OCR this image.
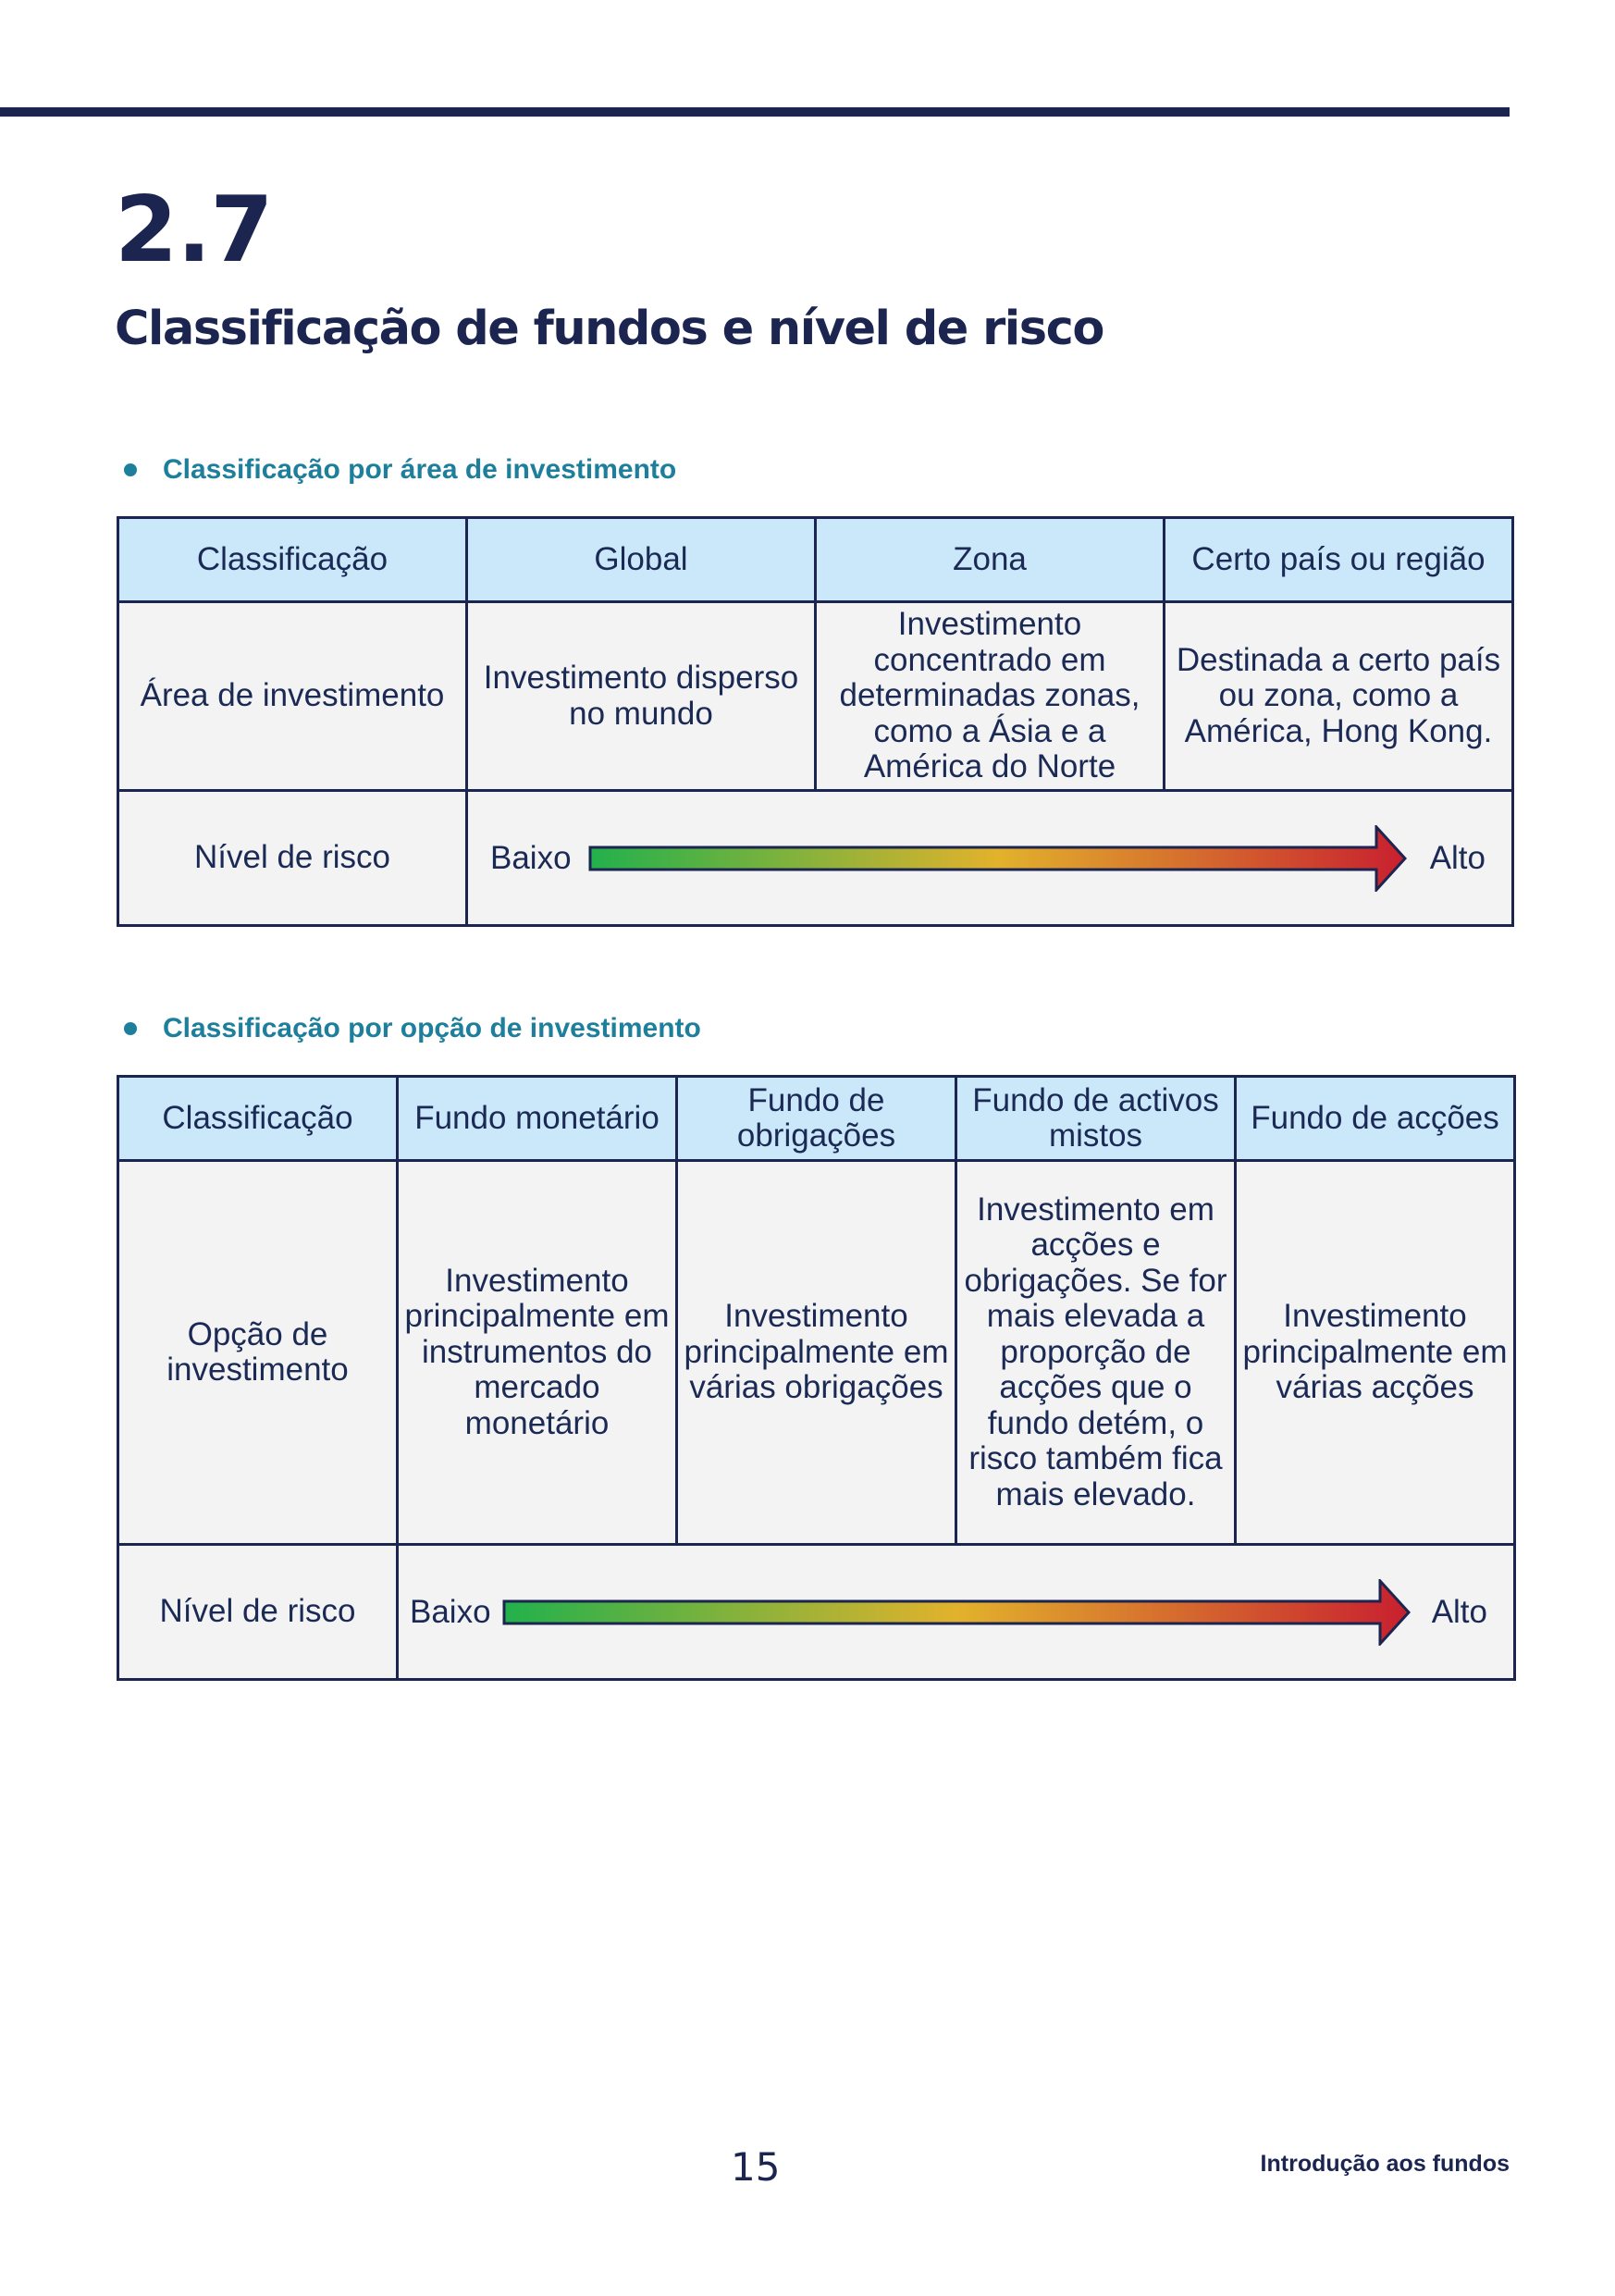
2.7
Classificação de fundos e nível de risco
Classificação por área de investimento
Classificação	Global	Zona	Certo país ou região
Área de investimento	Investimento disperso no mundo	Investimento concentrado em determinadas zonas, como a Ásia e a América do Norte	Destinada a certo país ou zona, como a América, Hong Kong.
Nível de risco	Baixo Alto		
Classificação por opção de investimento
Classificação	Fundo monetário	Fundo de obrigações	Fundo de activos mistos	Fundo de acções
Opção de investimento	Investimento principalmente em instrumentos do mercado monetário	Investimento principalmente em várias obrigações	Investimento em acções e obrigações. Se for mais elevada a proporção de acções que o fundo detém, o risco também fica mais elevado.	Investimento principalmente em várias acções
Nível de risco	Baixo Alto			
15	Introdução aos fundos
